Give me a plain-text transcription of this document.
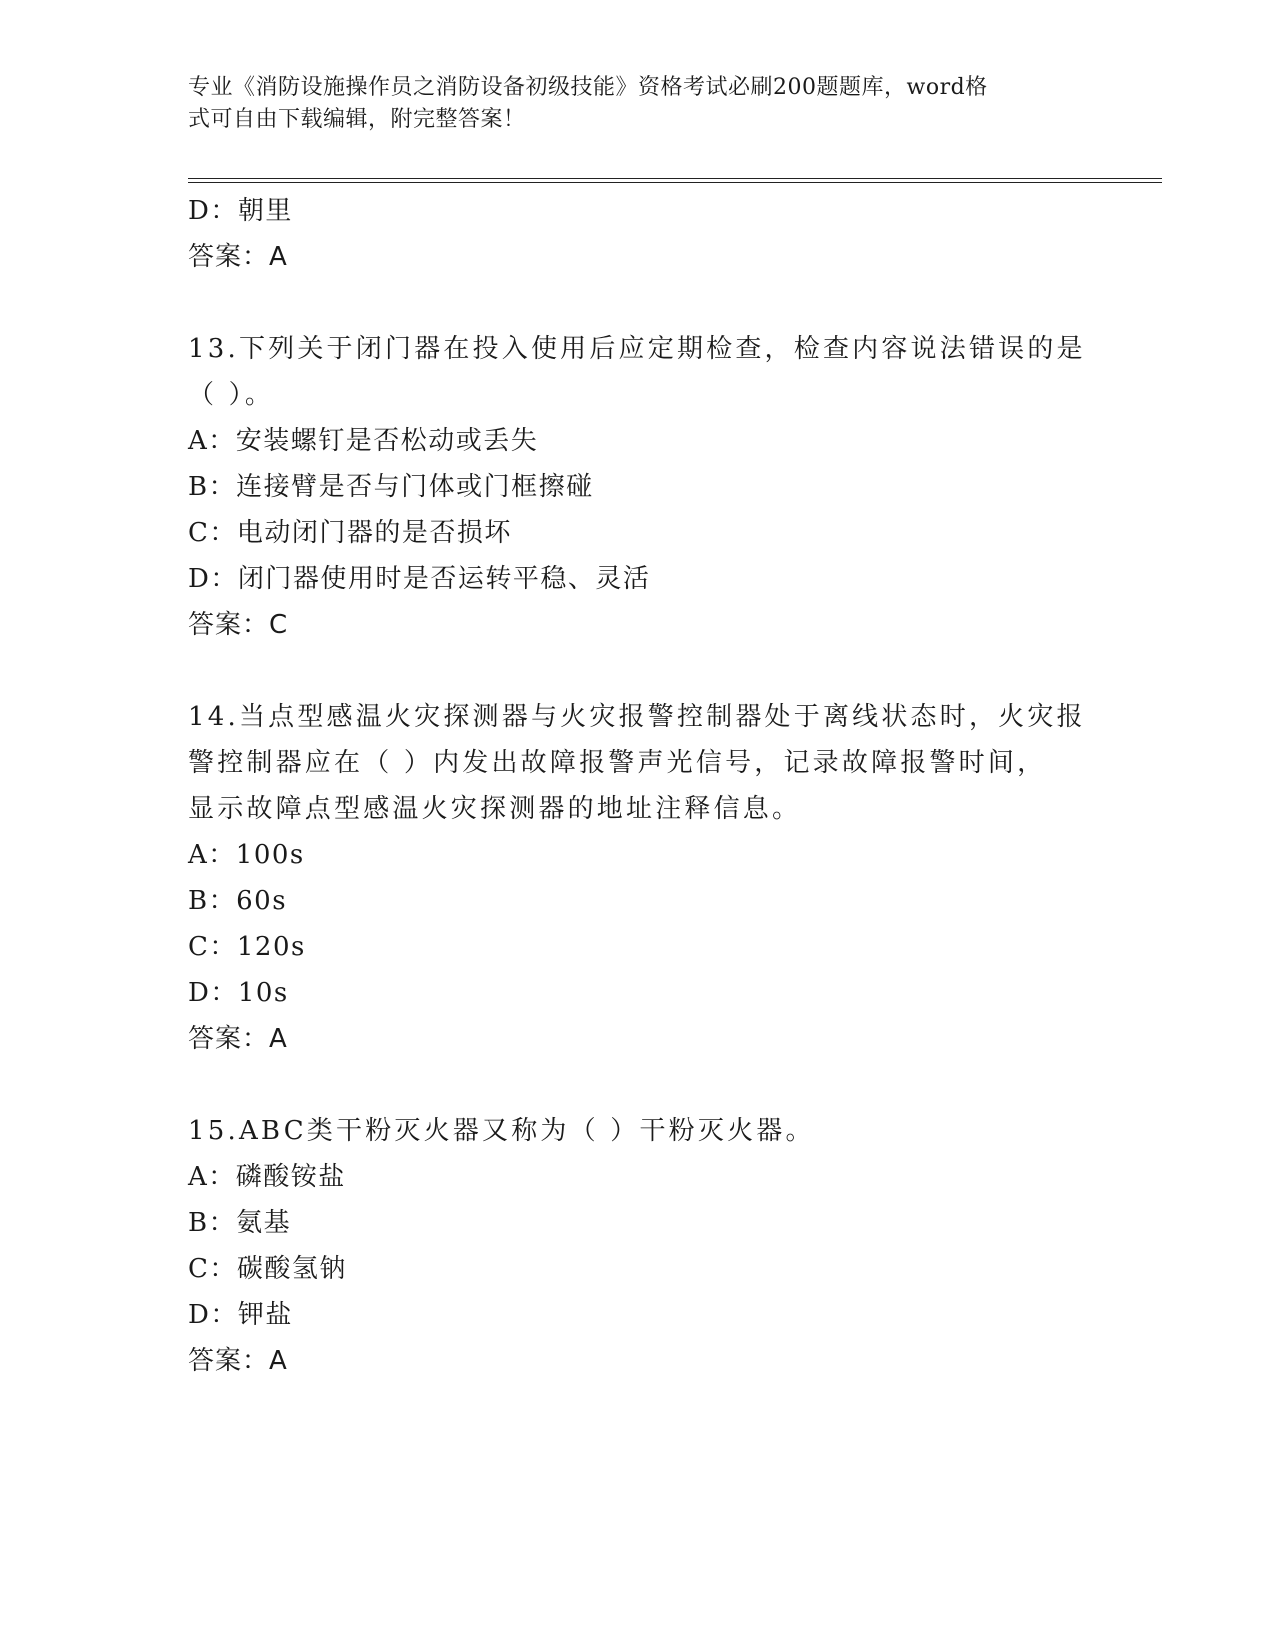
专业《消防设施操作员之消防设备初级技能》资格考试必刷200题题库，word格
式可自由下载编辑，附完整答案！
D：朝里
答案：A
13.下列关于闭门器在投入使用后应定期检查，检查内容说法错误的是
（ ）。
A：安装螺钉是否松动或丢失
B：连接臂是否与门体或门框擦碰
C：电动闭门器的是否损坏
D：闭门器使用时是否运转平稳、灵活
答案：C
14.当点型感温火灾探测器与火灾报警控制器处于离线状态时，火灾报
警控制器应在（ ）内发出故障报警声光信号，记录故障报警时间，
显示故障点型感温火灾探测器的地址注释信息。
A：100s
B：60s
C：120s
D：10s
答案：A
15.ABC类干粉灭火器又称为（ ）干粉灭火器。
A：磷酸铵盐
B：氨基
C：碳酸氢钠
D：钾盐
答案：A
